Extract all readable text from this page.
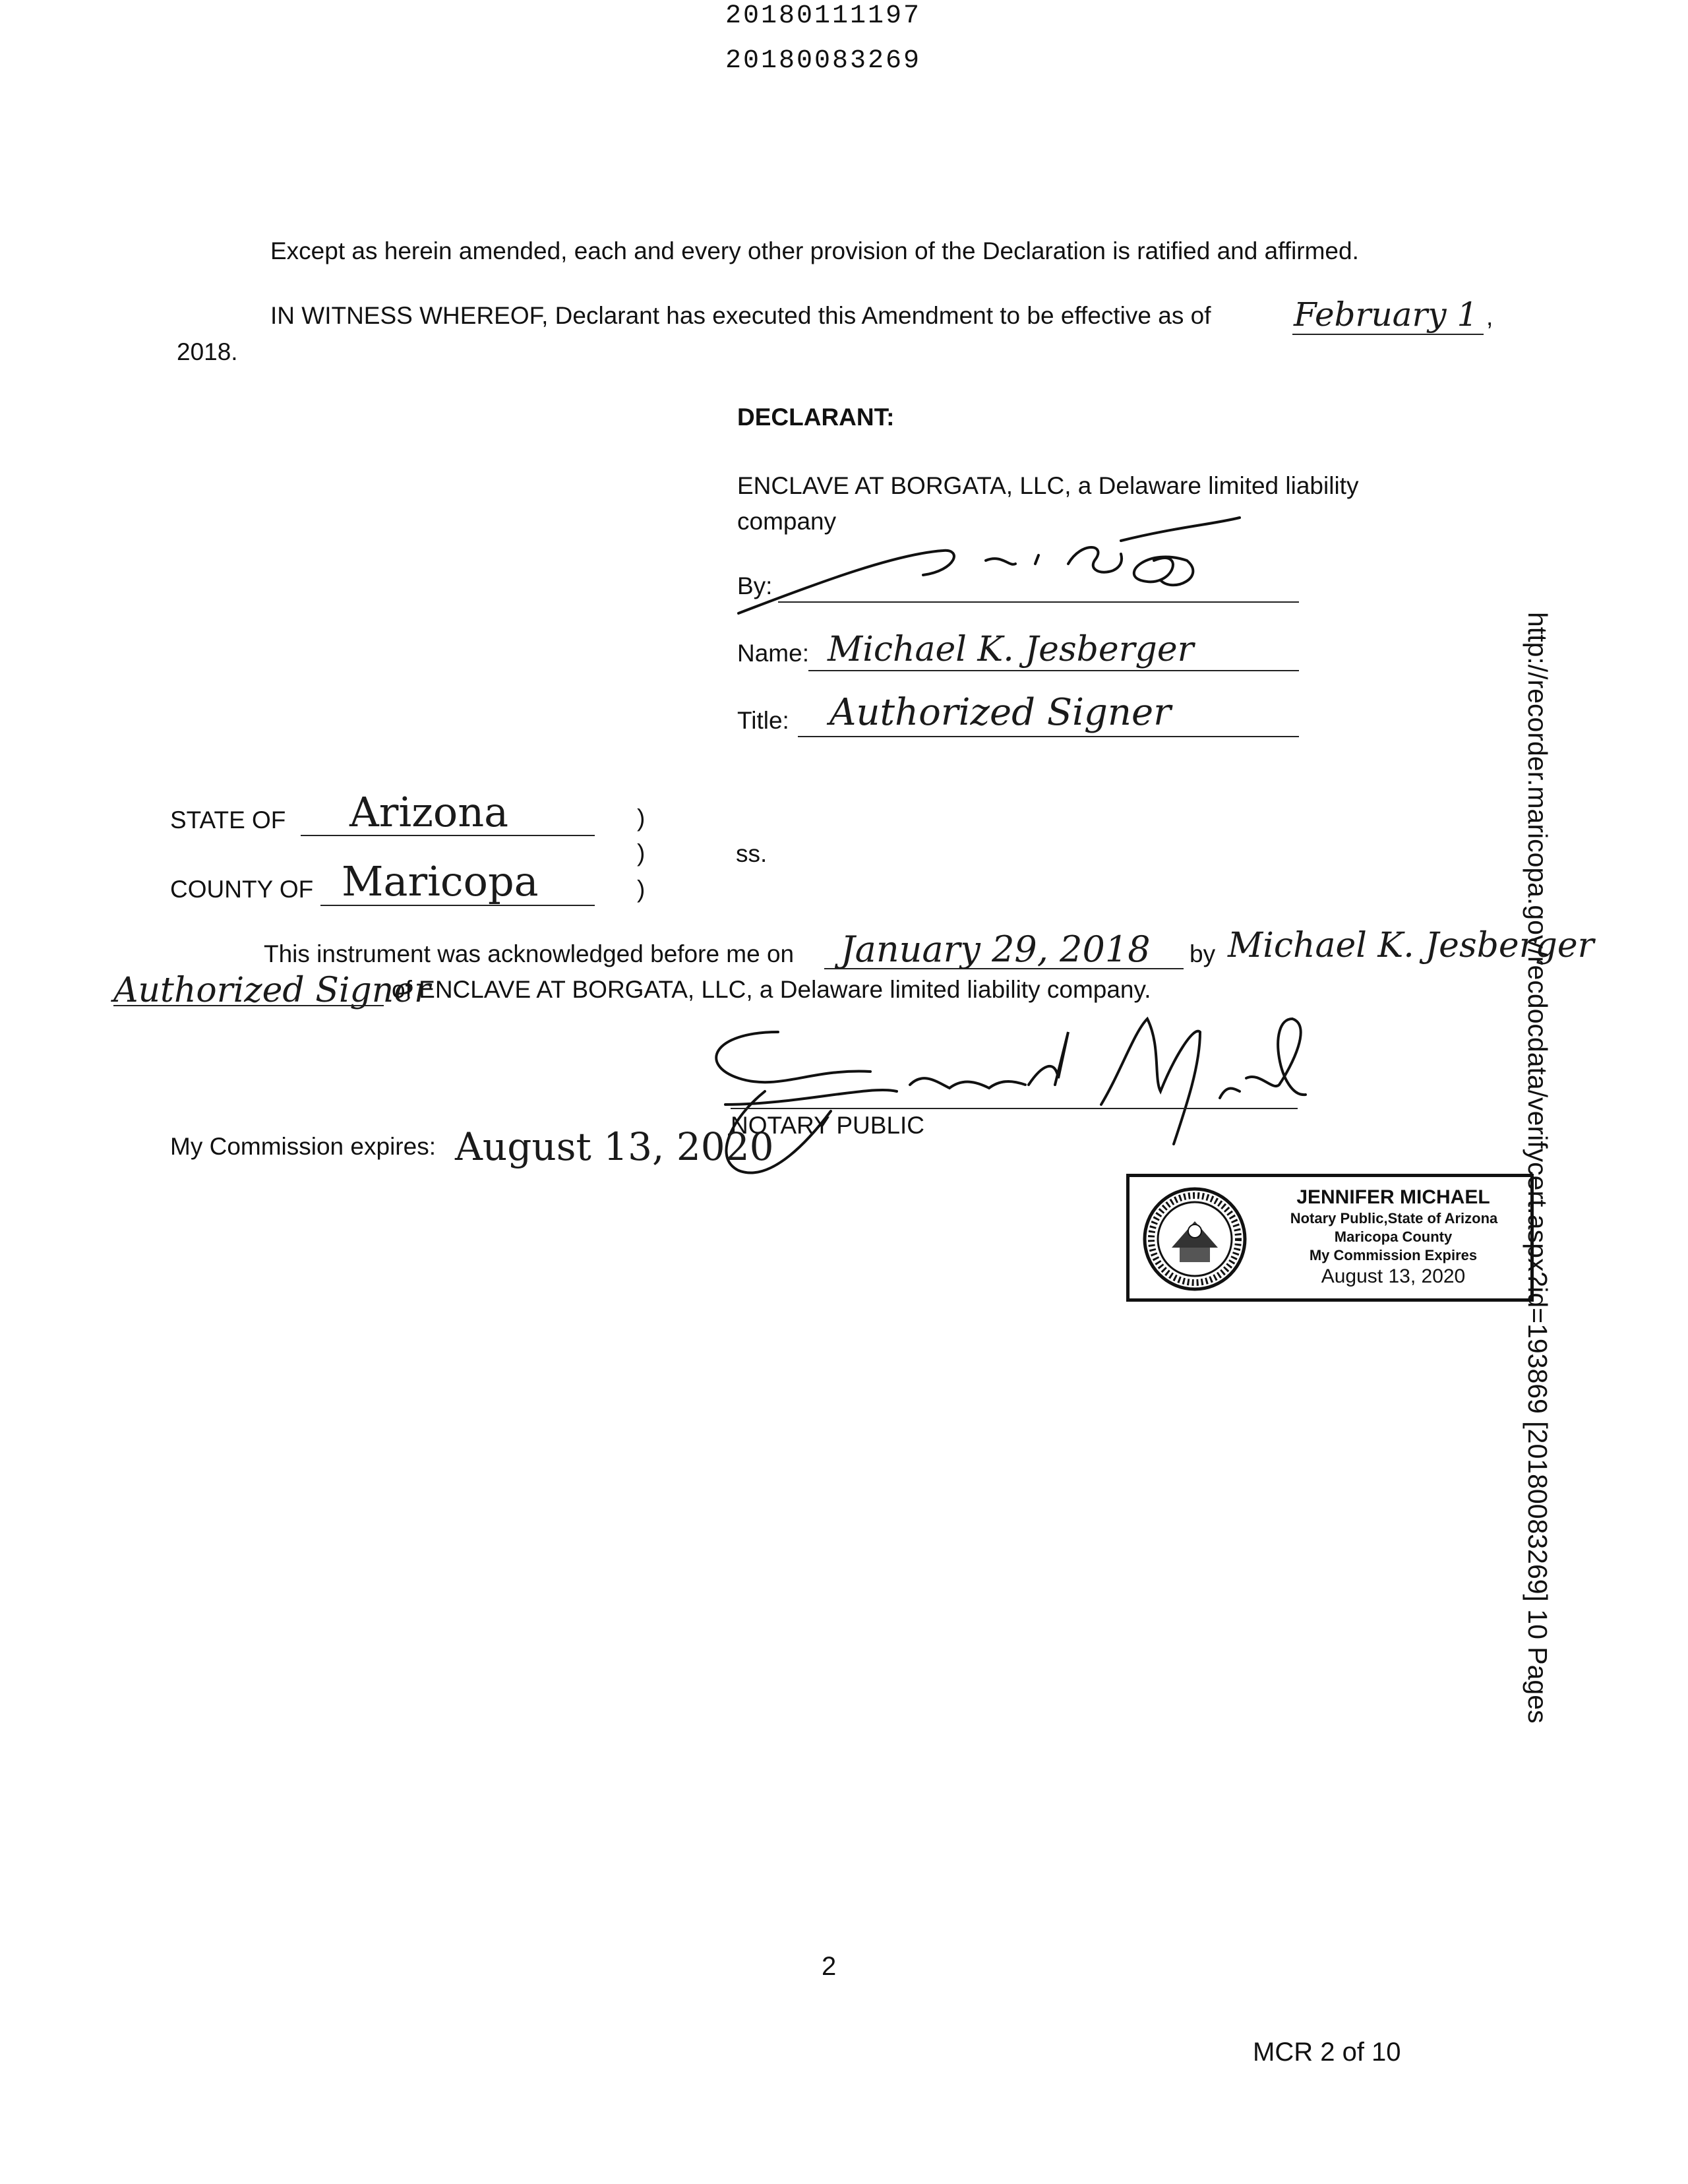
20180111197
20180083269
Except as herein amended, each and every other provision of the Declaration is ratified and affirmed.
IN WITNESS WHEREOF, Declarant has executed this Amendment to be effective as of	February 1 ,
2018.
DECLARANT:
ENCLAVE AT BORGATA, LLC, a Delaware limited liability
company
By:
Name: Michael K. Jesberger
Title: Authorized Signer
STATE OF Arizona	)
)
)
ss.
COUNTY OF Maricopa
This instrument was acknowledged before me on January 29, 2018 by Michael K. Jesberger
Authorized Signer
of ENCLAVE AT BORGATA, LLC, a Delaware limited liability company.
NOTARY PUBLIC
My Commission expires: August 13, 2020
JENNIFER MICHAEL
Notary Public,State of Arizona
Maricopa County
My Commission Expires
August 13, 2020	http://recorder.maricopa.gov/recdocdata/verifycert.aspx?id=193869 [20180083269] 10 Pages
2
MCR 2 of 10
